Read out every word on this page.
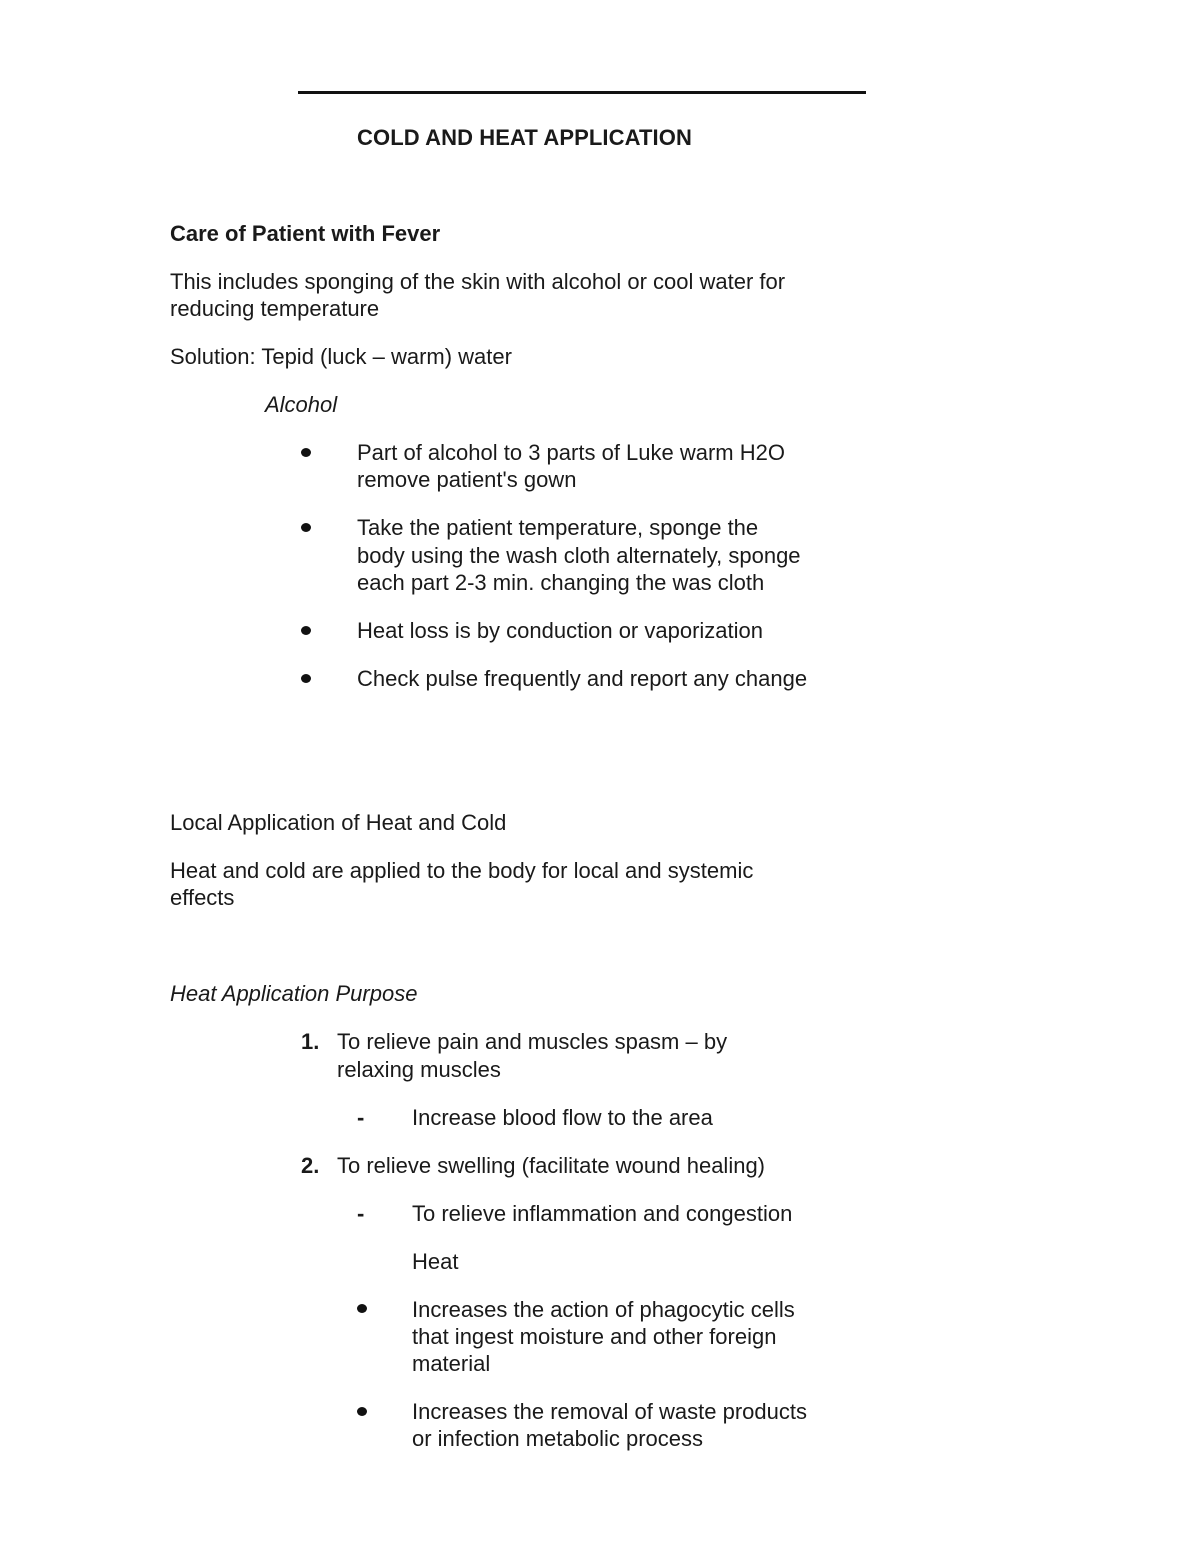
COLD AND HEAT APPLICATION

Care of Patient with Fever

This includes sponging of the skin with alcohol or cool water for

reducing temperature

Solution: Tepid (luck – warm) water

Alcohol

Part of alcohol to 3 parts of Luke warm H2O

remove patient's gown

Take the patient temperature, sponge the

body using the wash cloth alternately, sponge

each part 2-3 min. changing the was cloth

Heat loss is by conduction or vaporization

Check pulse frequently and report any change

Local Application of Heat and Cold

Heat and cold are applied to the body for local and systemic

effects

Heat Application Purpose

1. To relieve pain and muscles spasm – by

relaxing muscles

- Increase blood flow to the area

2. To relieve swelling (facilitate wound healing)

- To relieve inflammation and congestion

Heat

Increases the action of phagocytic cells

that ingest moisture and other foreign

material

Increases the removal of waste products

or infection metabolic process
